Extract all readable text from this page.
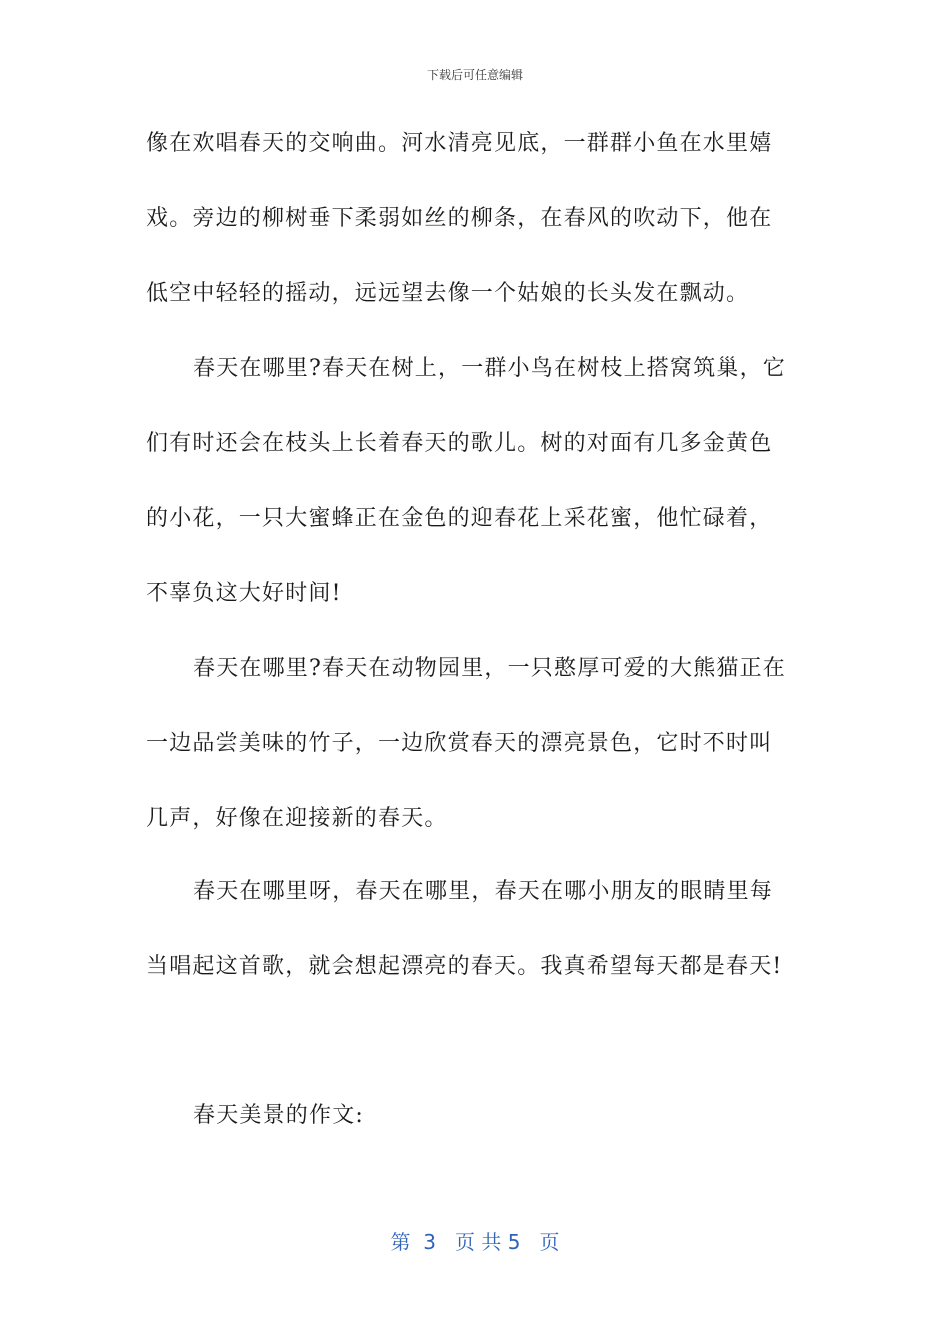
下载后可任意编辑
像在欢唱春天的交响曲。河水清亮见底，一群群小鱼在水里嬉
戏。旁边的柳树垂下柔弱如丝的柳条，在春风的吹动下，他在
低空中轻轻的摇动，远远望去像一个姑娘的长头发在飘动。
春天在哪里?春天在树上，一群小鸟在树枝上搭窝筑巢，它
们有时还会在枝头上长着春天的歌儿。树的对面有几多金黄色
的小花，一只大蜜蜂正在金色的迎春花上采花蜜，他忙碌着，
不辜负这大好时间!
春天在哪里?春天在动物园里，一只憨厚可爱的大熊猫正在
一边品尝美味的竹子，一边欣赏春天的漂亮景色，它时不时叫
几声，好像在迎接新的春天。
春天在哪里呀，春天在哪里，春天在哪小朋友的眼睛里每
当唱起这首歌，就会想起漂亮的春天。我真希望每天都是春天!
春天美景的作文:
第  3   页 共 5   页
